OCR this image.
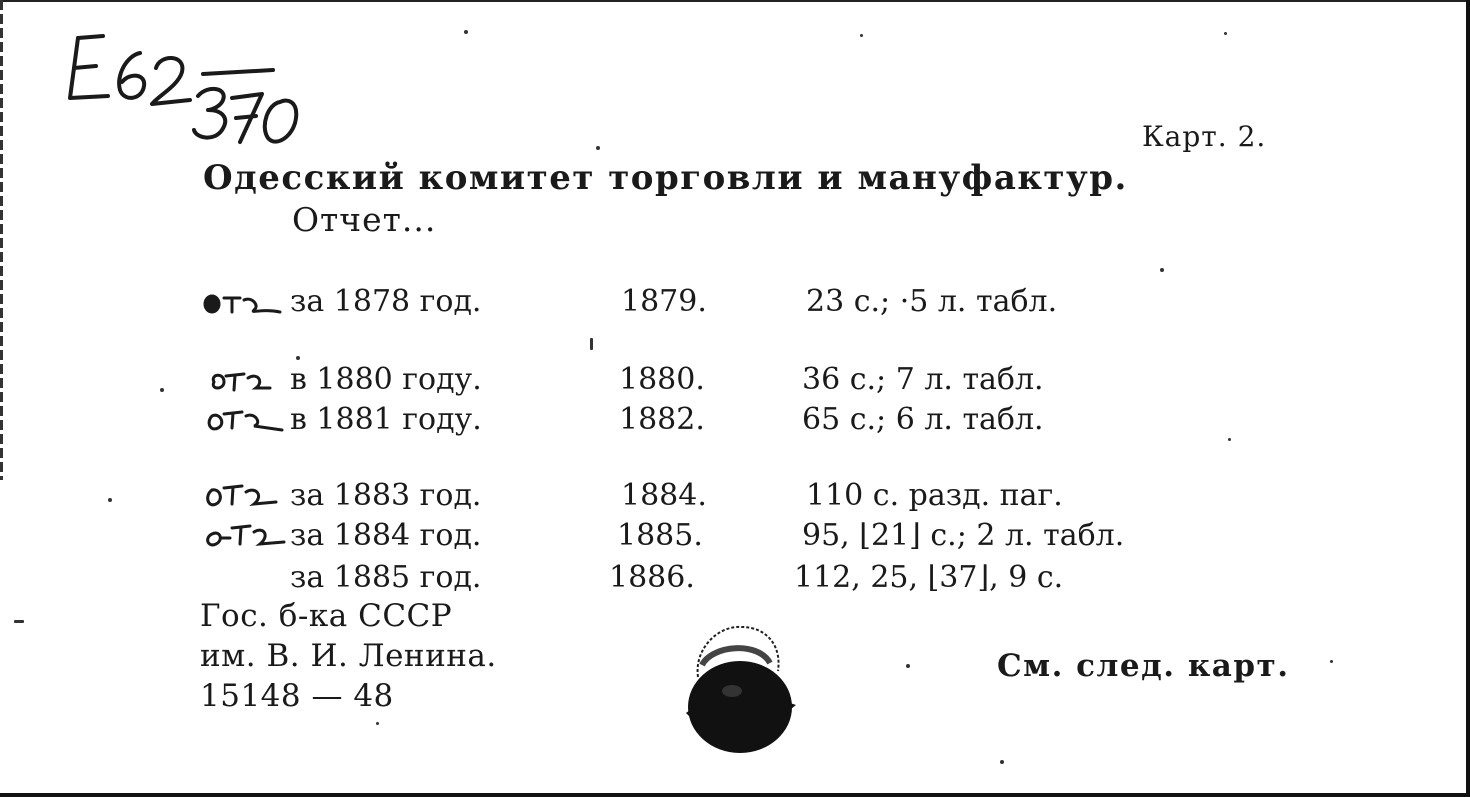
Карт. 2.
Одесский комитет торговли и мануфактур.
Отчет...
за 1878 год.	1879.	23 с.; ·5 л. табл.
в 1880 году.	1880.	36 с.; 7 л. табл.
в 1881 году.	1882.	65 с.; 6 л. табл.
за 1883 год.	1884.	110 с. разд. паг.
за 1884 год.	1885.	95, ⌊21⌋ с.; 2 л. табл.
за 1885 год.	1886.	112, 25, ⌊37⌋, 9 с.
Гос. б-ка СССР
им. В. И. Ленина.
15148 — 48
См. след. карт.
